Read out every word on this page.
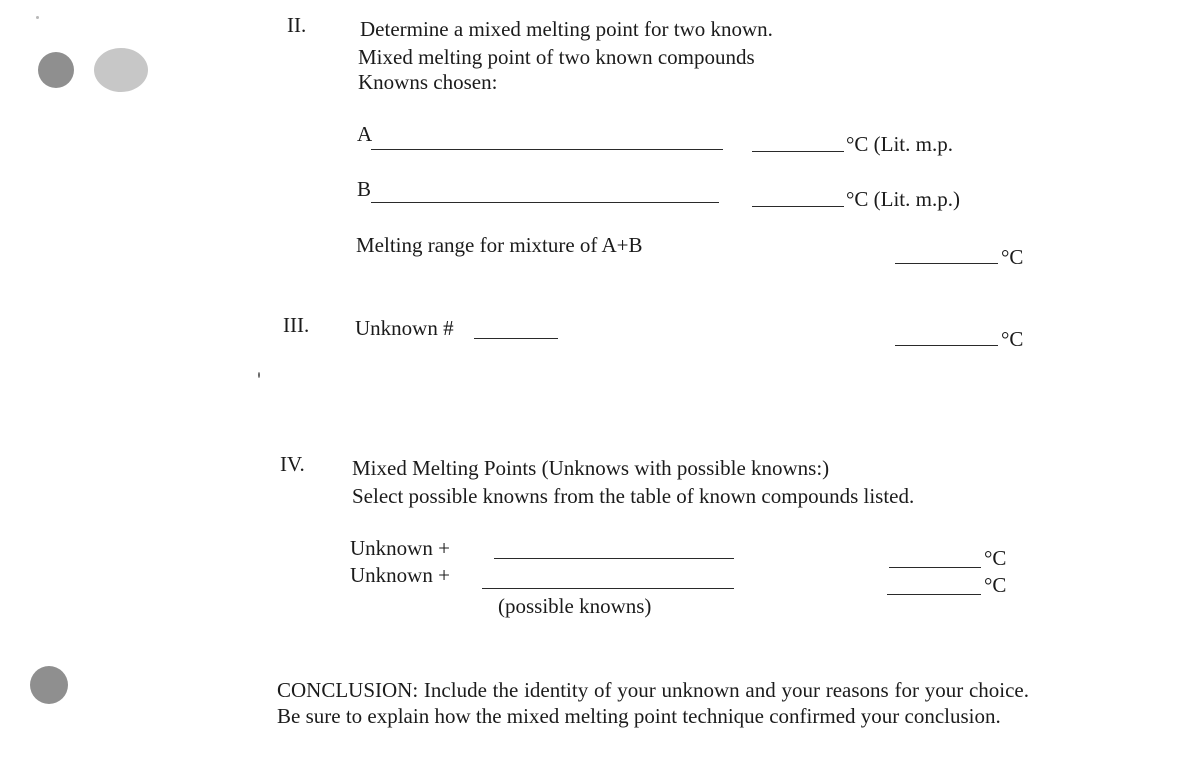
II.	Determine a mixed melting point for two known.
Mixed melting point of two known compounds
Knowns chosen:
A	°C (Lit. m.p.
B	°C (Lit. m.p.)
Melting range for mixture of A+B	°C
III. Unknown #	°C
IV. Mixed Melting Points (Unknows with possible knowns:)
Select possible knowns from the table of known compounds listed.
Unknown +	°C
Unknown +	°C
(possible knowns)
CONCLUSION: Include the identity of your unknown and your reasons for your choice. Be sure to explain how the mixed melting point technique confirmed your conclusion.
